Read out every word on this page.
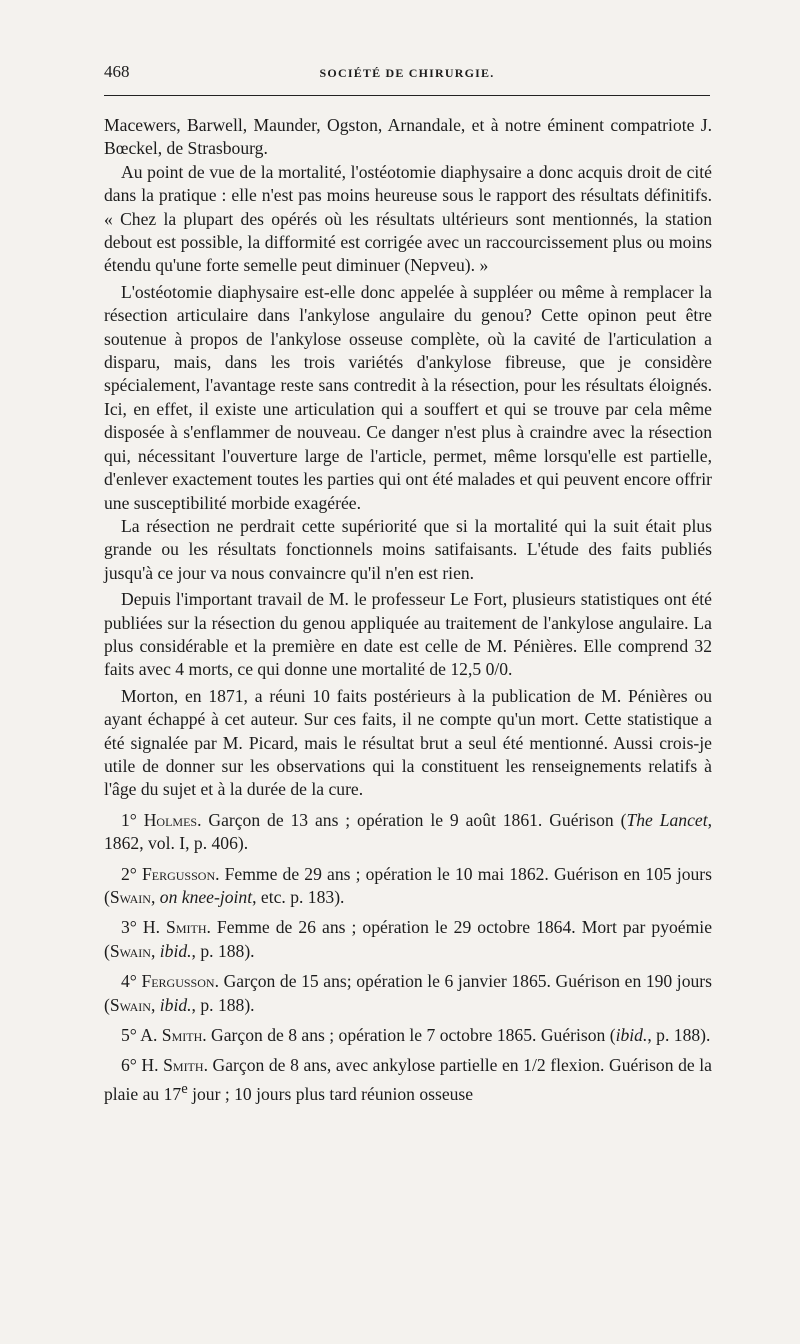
468	SOCIÉTÉ DE CHIRURGIE.

Macewers, Barwell, Maunder, Ogston, Arnandale, et à notre éminent compatriote J. Bœckel, de Strasbourg.

Au point de vue de la mortalité, l'ostéotomie diaphysaire a donc acquis droit de cité dans la pratique : elle n'est pas moins heureuse sous le rapport des résultats définitifs. « Chez la plupart des opérés où les résultats ultérieurs sont mentionnés, la station debout est possible, la difformité est corrigée avec un raccourcissement plus ou moins étendu qu'une forte semelle peut diminuer (Nepveu). »

L'ostéotomie diaphysaire est-elle donc appelée à suppléer ou même à remplacer la résection articulaire dans l'ankylose angulaire du genou? Cette opinon peut être soutenue à propos de l'ankylose osseuse complète, où la cavité de l'articulation a disparu, mais, dans les trois variétés d'ankylose fibreuse, que je considère spécialement, l'avantage reste sans contredit à la résection, pour les résultats éloignés. Ici, en effet, il existe une articulation qui a souffert et qui se trouve par cela même disposée à s'enflammer de nouveau. Ce danger n'est plus à craindre avec la résection qui, nécessitant l'ouverture large de l'article, permet, même lorsqu'elle est partielle, d'enlever exactement toutes les parties qui ont été malades et qui peuvent encore offrir une susceptibilité morbide exagérée.

La résection ne perdrait cette supériorité que si la mortalité qui la suit était plus grande ou les résultats fonctionnels moins satifaisants. L'étude des faits publiés jusqu'à ce jour va nous convaincre qu'il n'en est rien.

Depuis l'important travail de M. le professeur Le Fort, plusieurs statistiques ont été publiées sur la résection du genou appliquée au traitement de l'ankylose angulaire. La plus considérable et la première en date est celle de M. Pénières. Elle comprend 32 faits avec 4 morts, ce qui donne une mortalité de 12,5 0/0.

Morton, en 1871, a réuni 10 faits postérieurs à la publication de M. Pénières ou ayant échappé à cet auteur. Sur ces faits, il ne compte qu'un mort. Cette statistique a été signalée par M. Picard, mais le résultat brut a seul été mentionné. Aussi crois-je utile de donner sur les observations qui la constituent les renseignements relatifs à l'âge du sujet et à la durée de la cure.

1° Holmes. Garçon de 13 ans ; opération le 9 août 1861. Guérison (The Lancet, 1862, vol. I, p. 406).

2° Fergusson. Femme de 29 ans ; opération le 10 mai 1862. Guérison en 105 jours (Swain, on knee-joint, etc. p. 183).

3° H. Smith. Femme de 26 ans ; opération le 29 octobre 1864. Mort par pyoémie (Swain, ibid., p. 188).

4° Fergusson. Garçon de 15 ans; opération le 6 janvier 1865. Guérison en 190 jours (Swain, ibid., p. 188).

5° A. Smith. Garçon de 8 ans ; opération le 7 octobre 1865. Guérison (ibid., p. 188).

6° H. Smith. Garçon de 8 ans, avec ankylose partielle en 1/2 flexion. Guérison de la plaie au 17e jour ; 10 jours plus tard réunion osseuse
